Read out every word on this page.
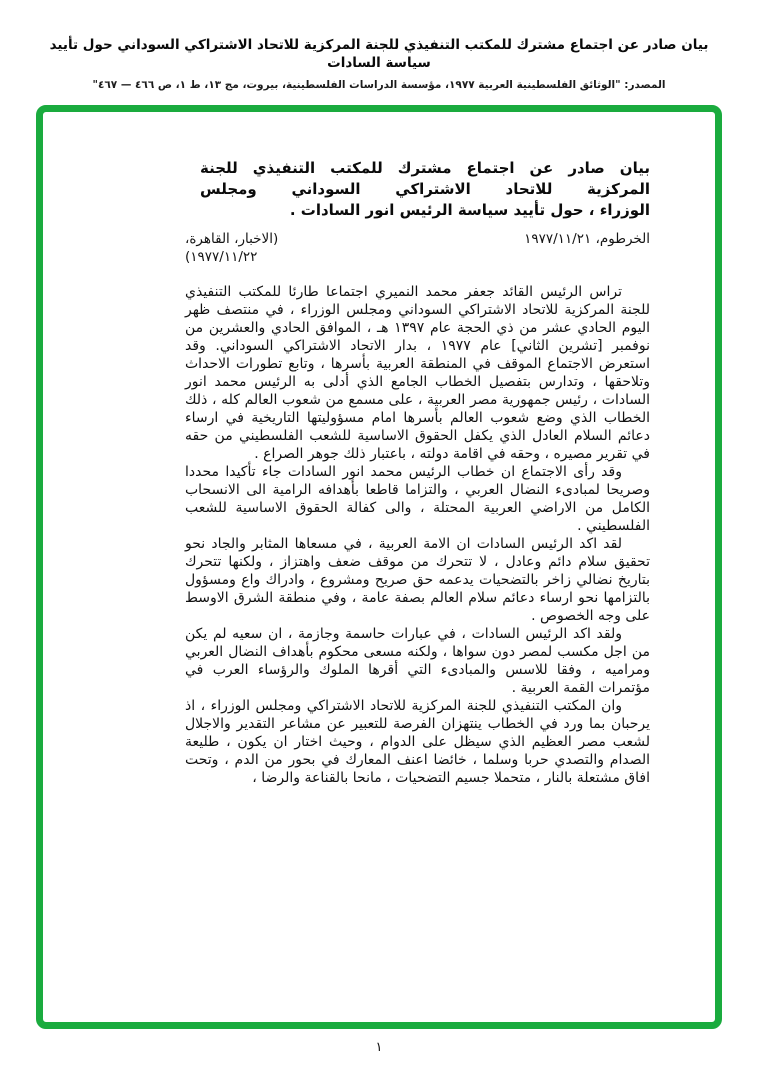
بيان صادر عن اجتماع مشترك للمكتب التنفيذي للجنة المركزية للاتحاد الاشتراكي السوداني حول تأييد سياسة السادات
المصدر: "الوثائق الفلسطينية العربية ١٩٧٧، مؤسسة الدراسات الفلسطينية، بيروت، مج ١٣، ط ١، ص ٤٦٦ — ٤٦٧"
بيان صادر عن اجتماع مشترك للمكتب التنفيذي للجنة
المركزية للاتحاد الاشتراكي السوداني ومجلس
الوزراء ، حول تأييد سياسة الرئيس انور السادات .
الخرطوم، ١٩٧٧/١١/٢١
(الاخبار، القاهرة،
١٩٧٧/١١/٢٢)

تراس الرئيس القائد جعفر محمد النميري اجتماعا طارئا للمكتب التنفيذي للجنة المركزية للاتحاد الاشتراكي السوداني ومجلس الوزراء ، في منتصف ظهر اليوم الحادي عشر من ذي الحجة عام ١٣٩٧ هـ ، الموافق الحادي والعشرين من نوفمبر [تشرين الثاني] عام ١٩٧٧ ، بدار الاتحاد الاشتراكي السوداني. وقد استعرض الاجتماع الموقف في المنطقة العربية بأسرها ، وتابع تطورات الاحداث وتلاحقها ، وتدارس بتفصيل الخطاب الجامع الذي أدلى به الرئيس محمد انور السادات ، رئيس جمهورية مصر العربية ، على مسمع من شعوب العالم كله ، ذلك الخطاب الذي وضع شعوب العالم بأسرها امام مسؤوليتها التاريخية في ارساء دعائم السلام العادل الذي يكفل الحقوق الاساسية للشعب الفلسطيني من حقه في تقرير مصيره ، وحقه في اقامة دولته ، باعتبار ذلك جوهر الصراع .

وقد رأى الاجتماع ان خطاب الرئيس محمد انور السادات جاء تأكيدا محددا وصريحا لمبادىء النضال العربي ، والتزاما قاطعا بأهدافه الرامية الى الانسحاب الكامل من الاراضي العربية المحتلة ، والى كفالة الحقوق الاساسية للشعب الفلسطيني .

لقد اكد الرئيس السادات ان الامة العربية ، في مسعاها المثابر والجاد نحو تحقيق سلام دائم وعادل ، لا تتحرك من موقف ضعف واهتزاز ، ولكنها تتحرك بتاريخ نضالي زاخر بالتضحيات يدعمه حق صريح ومشروع ، وادراك واع ومسؤول بالتزامها نحو ارساء دعائم سلام العالم بصفة عامة ، وفي منطقة الشرق الاوسط على وجه الخصوص .

ولقد اكد الرئيس السادات ، في عبارات حاسمة وجازمة ، ان سعيه لم يكن من اجل مكسب لمصر دون سواها ، ولكنه مسعى محكوم بأهداف النضال العربي ومراميه ، وفقا للاسس والمبادىء التي أقرها الملوك والرؤساء العرب في مؤتمرات القمة العربية .

وان المكتب التنفيذي للجنة المركزية للاتحاد الاشتراكي ومجلس الوزراء ، اذ يرحبان بما ورد في الخطاب ينتهزان الفرصة للتعبير عن مشاعر التقدير والاجلال لشعب مصر العظيم الذي سيظل على الدوام ، وحيث اختار ان يكون ، طليعة الصدام والتصدي حربا وسلما ، خائضا اعنف المعارك في بحور من الدم ، وتحت افاق مشتعلة بالنار ، متحملا جسيم التضحيات ، مانحا بالقناعة والرضا ،

١
